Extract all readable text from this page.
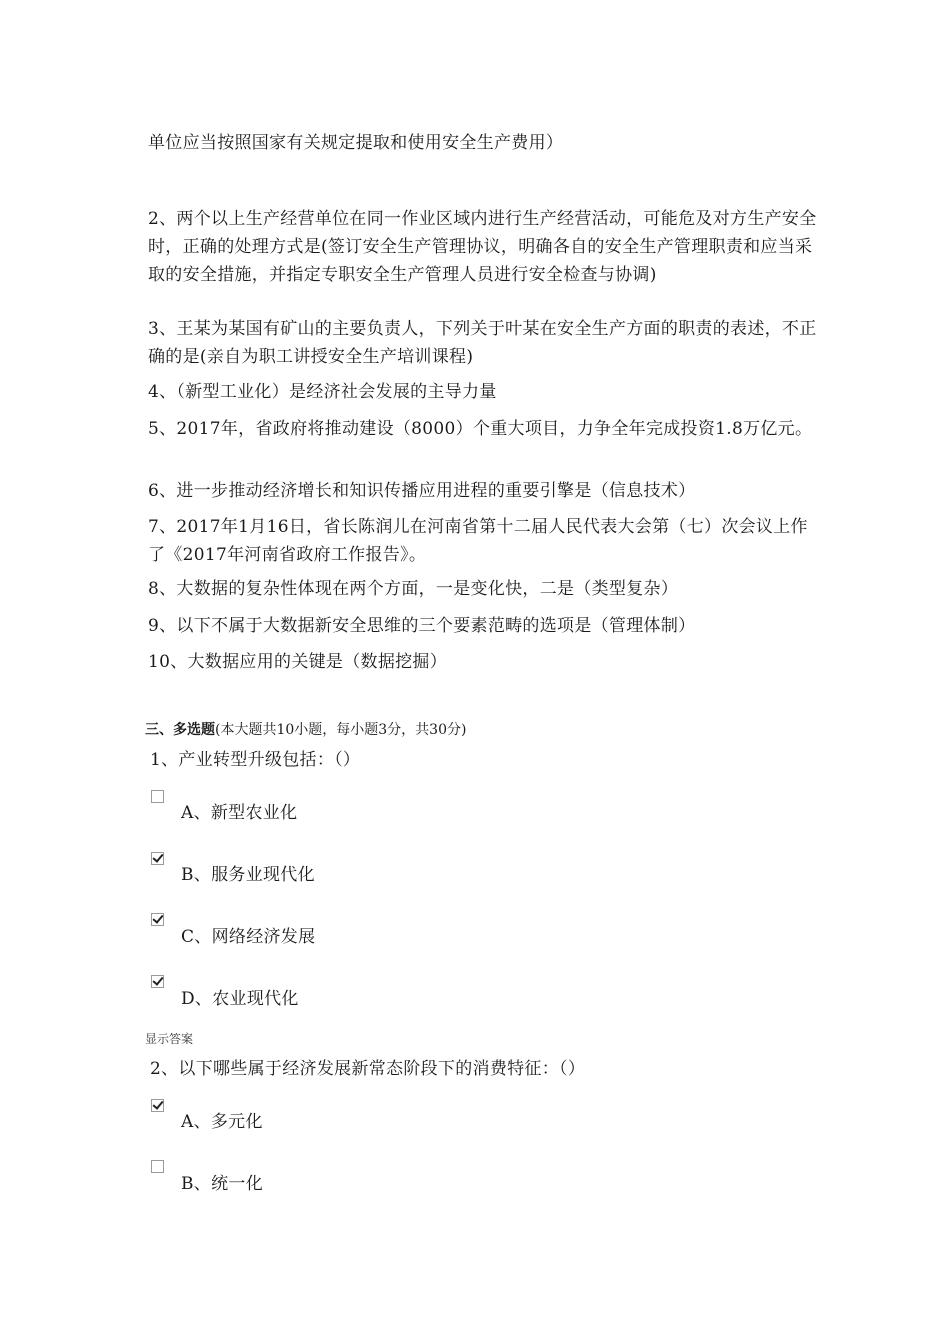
单位应当按照国家有关规定提取和使用安全生产费用）
2、两个以上生产经营单位在同一作业区域内进行生产经营活动，可能危及对方生产安全时，正确的处理方式是(签订安全生产管理协议，明确各自的安全生产管理职责和应当采取的安全措施，并指定专职安全生产管理人员进行安全检查与协调)
3、王某为某国有矿山的主要负责人，下列关于叶某在安全生产方面的职责的表述，不正确的是(亲自为职工讲授安全生产培训课程)
4、（新型工业化）是经济社会发展的主导力量
5、2017年，省政府将推动建设（8000）个重大项目，力争全年完成投资1.8万亿元。
6、进一步推动经济增长和知识传播应用进程的重要引擎是（信息技术）
7、2017年1月16日，省长陈润儿在河南省第十二届人民代表大会第（七）次会议上作了《2017年河南省政府工作报告》。
8、大数据的复杂性体现在两个方面，一是变化快，二是（类型复杂）
9、以下不属于大数据新安全思维的三个要素范畴的选项是（管理体制）
10、大数据应用的关键是（数据挖掘）
三、多选题(本大题共10小题，每小题3分，共30分)
1、产业转型升级包括：（）
A、新型农业化
B、服务业现代化
C、网络经济发展
D、农业现代化
显示答案
2、以下哪些属于经济发展新常态阶段下的消费特征：（）
A、多元化
B、统一化
